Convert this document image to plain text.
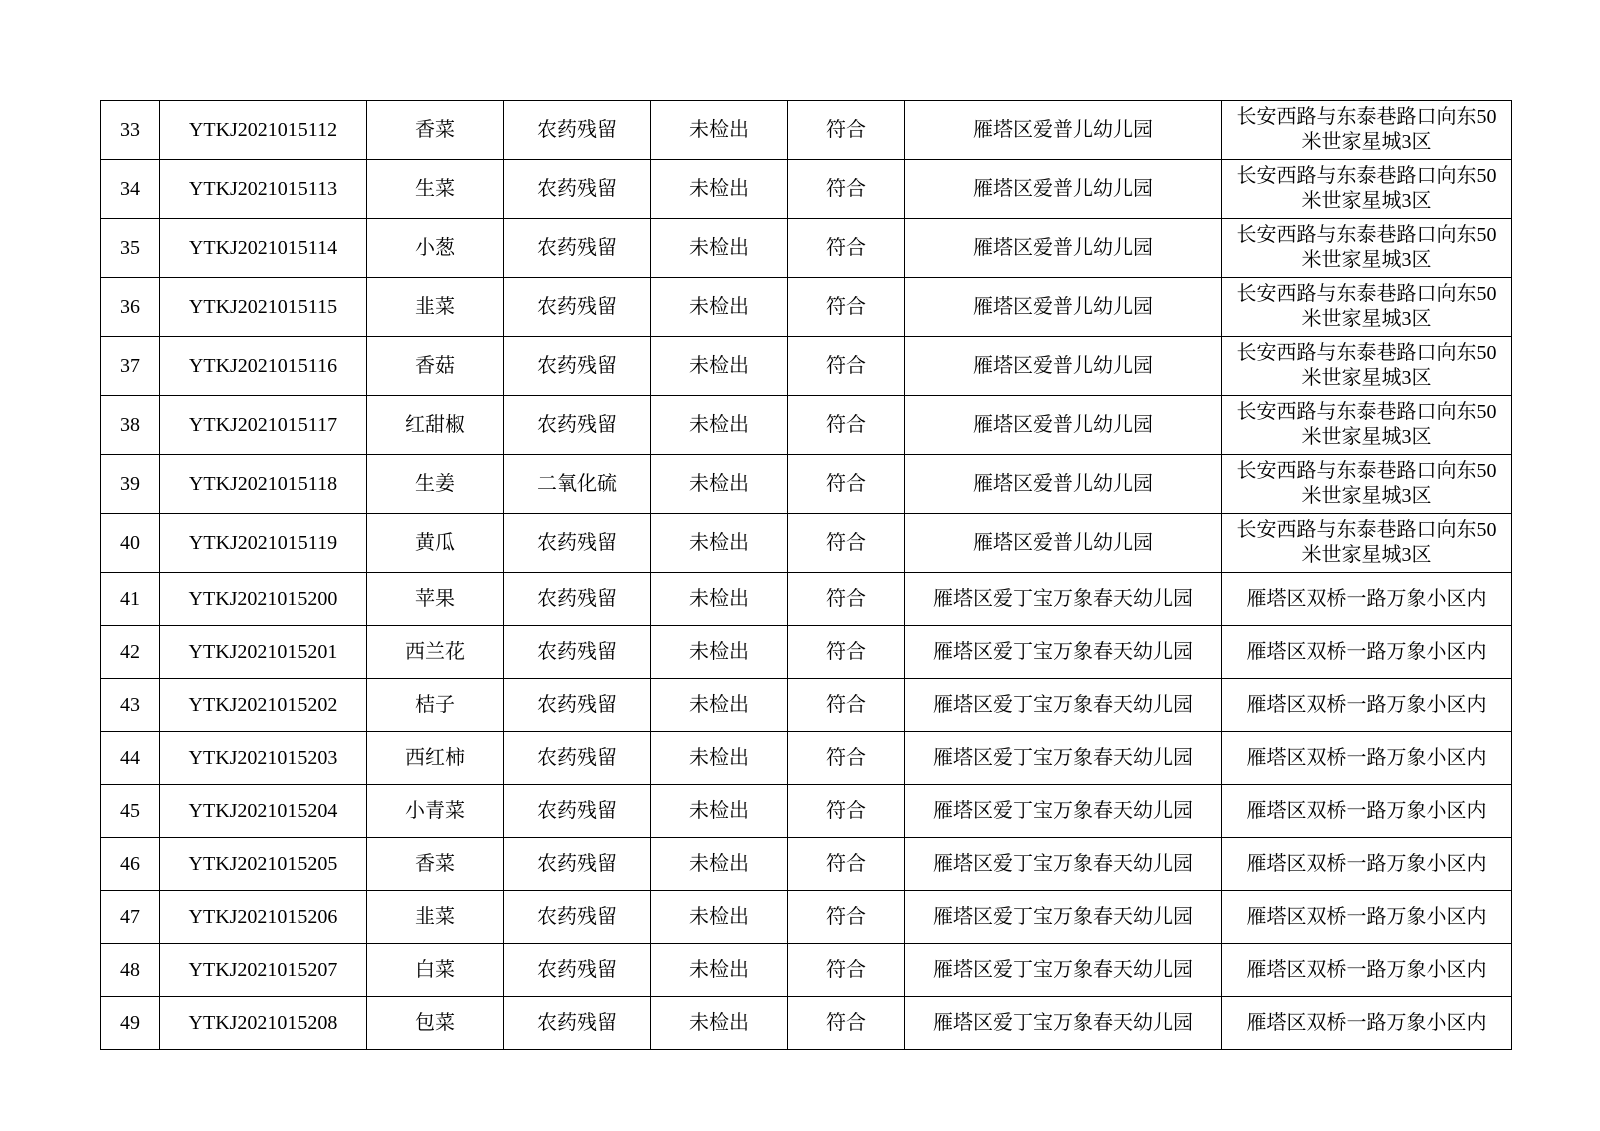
33	YTKJ2021015112	香菜	农药残留	未检出	符合	雁塔区爱普儿幼儿园	长安西路与东泰巷路口向东50米世家星城3区

34	YTKJ2021015113	生菜	农药残留	未检出	符合	雁塔区爱普儿幼儿园	长安西路与东泰巷路口向东50米世家星城3区

35	YTKJ2021015114	小葱	农药残留	未检出	符合	雁塔区爱普儿幼儿园	长安西路与东泰巷路口向东50米世家星城3区

36	YTKJ2021015115	韭菜	农药残留	未检出	符合	雁塔区爱普儿幼儿园	长安西路与东泰巷路口向东50米世家星城3区

37	YTKJ2021015116	香菇	农药残留	未检出	符合	雁塔区爱普儿幼儿园	长安西路与东泰巷路口向东50米世家星城3区

38	YTKJ2021015117	红甜椒	农药残留	未检出	符合	雁塔区爱普儿幼儿园	长安西路与东泰巷路口向东50米世家星城3区

39	YTKJ2021015118	生姜	二氧化硫	未检出	符合	雁塔区爱普儿幼儿园	长安西路与东泰巷路口向东50米世家星城3区

40	YTKJ2021015119	黄瓜	农药残留	未检出	符合	雁塔区爱普儿幼儿园	长安西路与东泰巷路口向东50米世家星城3区

41	YTKJ2021015200	苹果	农药残留	未检出	符合	雁塔区爱丁宝万象春天幼儿园	雁塔区双桥一路万象小区内

42	YTKJ2021015201	西兰花	农药残留	未检出	符合	雁塔区爱丁宝万象春天幼儿园	雁塔区双桥一路万象小区内

43	YTKJ2021015202	桔子	农药残留	未检出	符合	雁塔区爱丁宝万象春天幼儿园	雁塔区双桥一路万象小区内

44	YTKJ2021015203	西红柿	农药残留	未检出	符合	雁塔区爱丁宝万象春天幼儿园	雁塔区双桥一路万象小区内

45	YTKJ2021015204	小青菜	农药残留	未检出	符合	雁塔区爱丁宝万象春天幼儿园	雁塔区双桥一路万象小区内

46	YTKJ2021015205	香菜	农药残留	未检出	符合	雁塔区爱丁宝万象春天幼儿园	雁塔区双桥一路万象小区内

47	YTKJ2021015206	韭菜	农药残留	未检出	符合	雁塔区爱丁宝万象春天幼儿园	雁塔区双桥一路万象小区内

48	YTKJ2021015207	白菜	农药残留	未检出	符合	雁塔区爱丁宝万象春天幼儿园	雁塔区双桥一路万象小区内

49	YTKJ2021015208	包菜	农药残留	未检出	符合	雁塔区爱丁宝万象春天幼儿园	雁塔区双桥一路万象小区内
